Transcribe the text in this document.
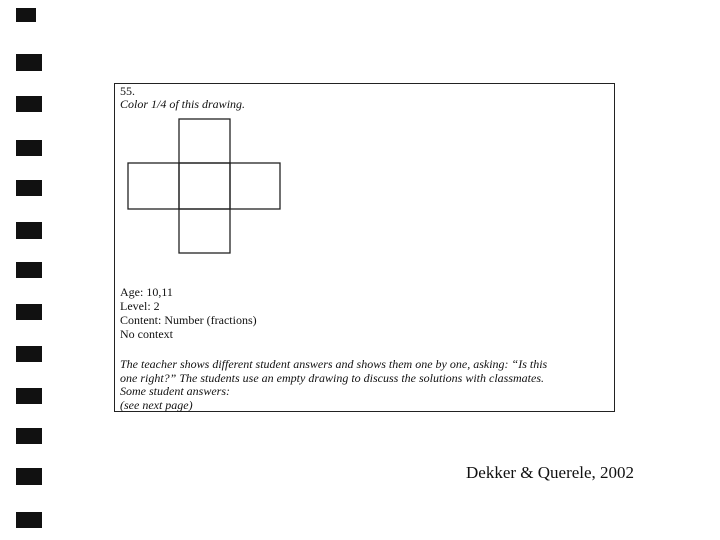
55.
Color 1/4 of this drawing.
Age: 10,11
Level: 2
Content: Number (fractions)
No context
The teacher shows different student answers and shows them one by one, asking: “Is this
one right?” The students use an empty drawing to discuss the solutions with classmates.
Some student answers:
(see next page)
Dekker & Querele, 2002
